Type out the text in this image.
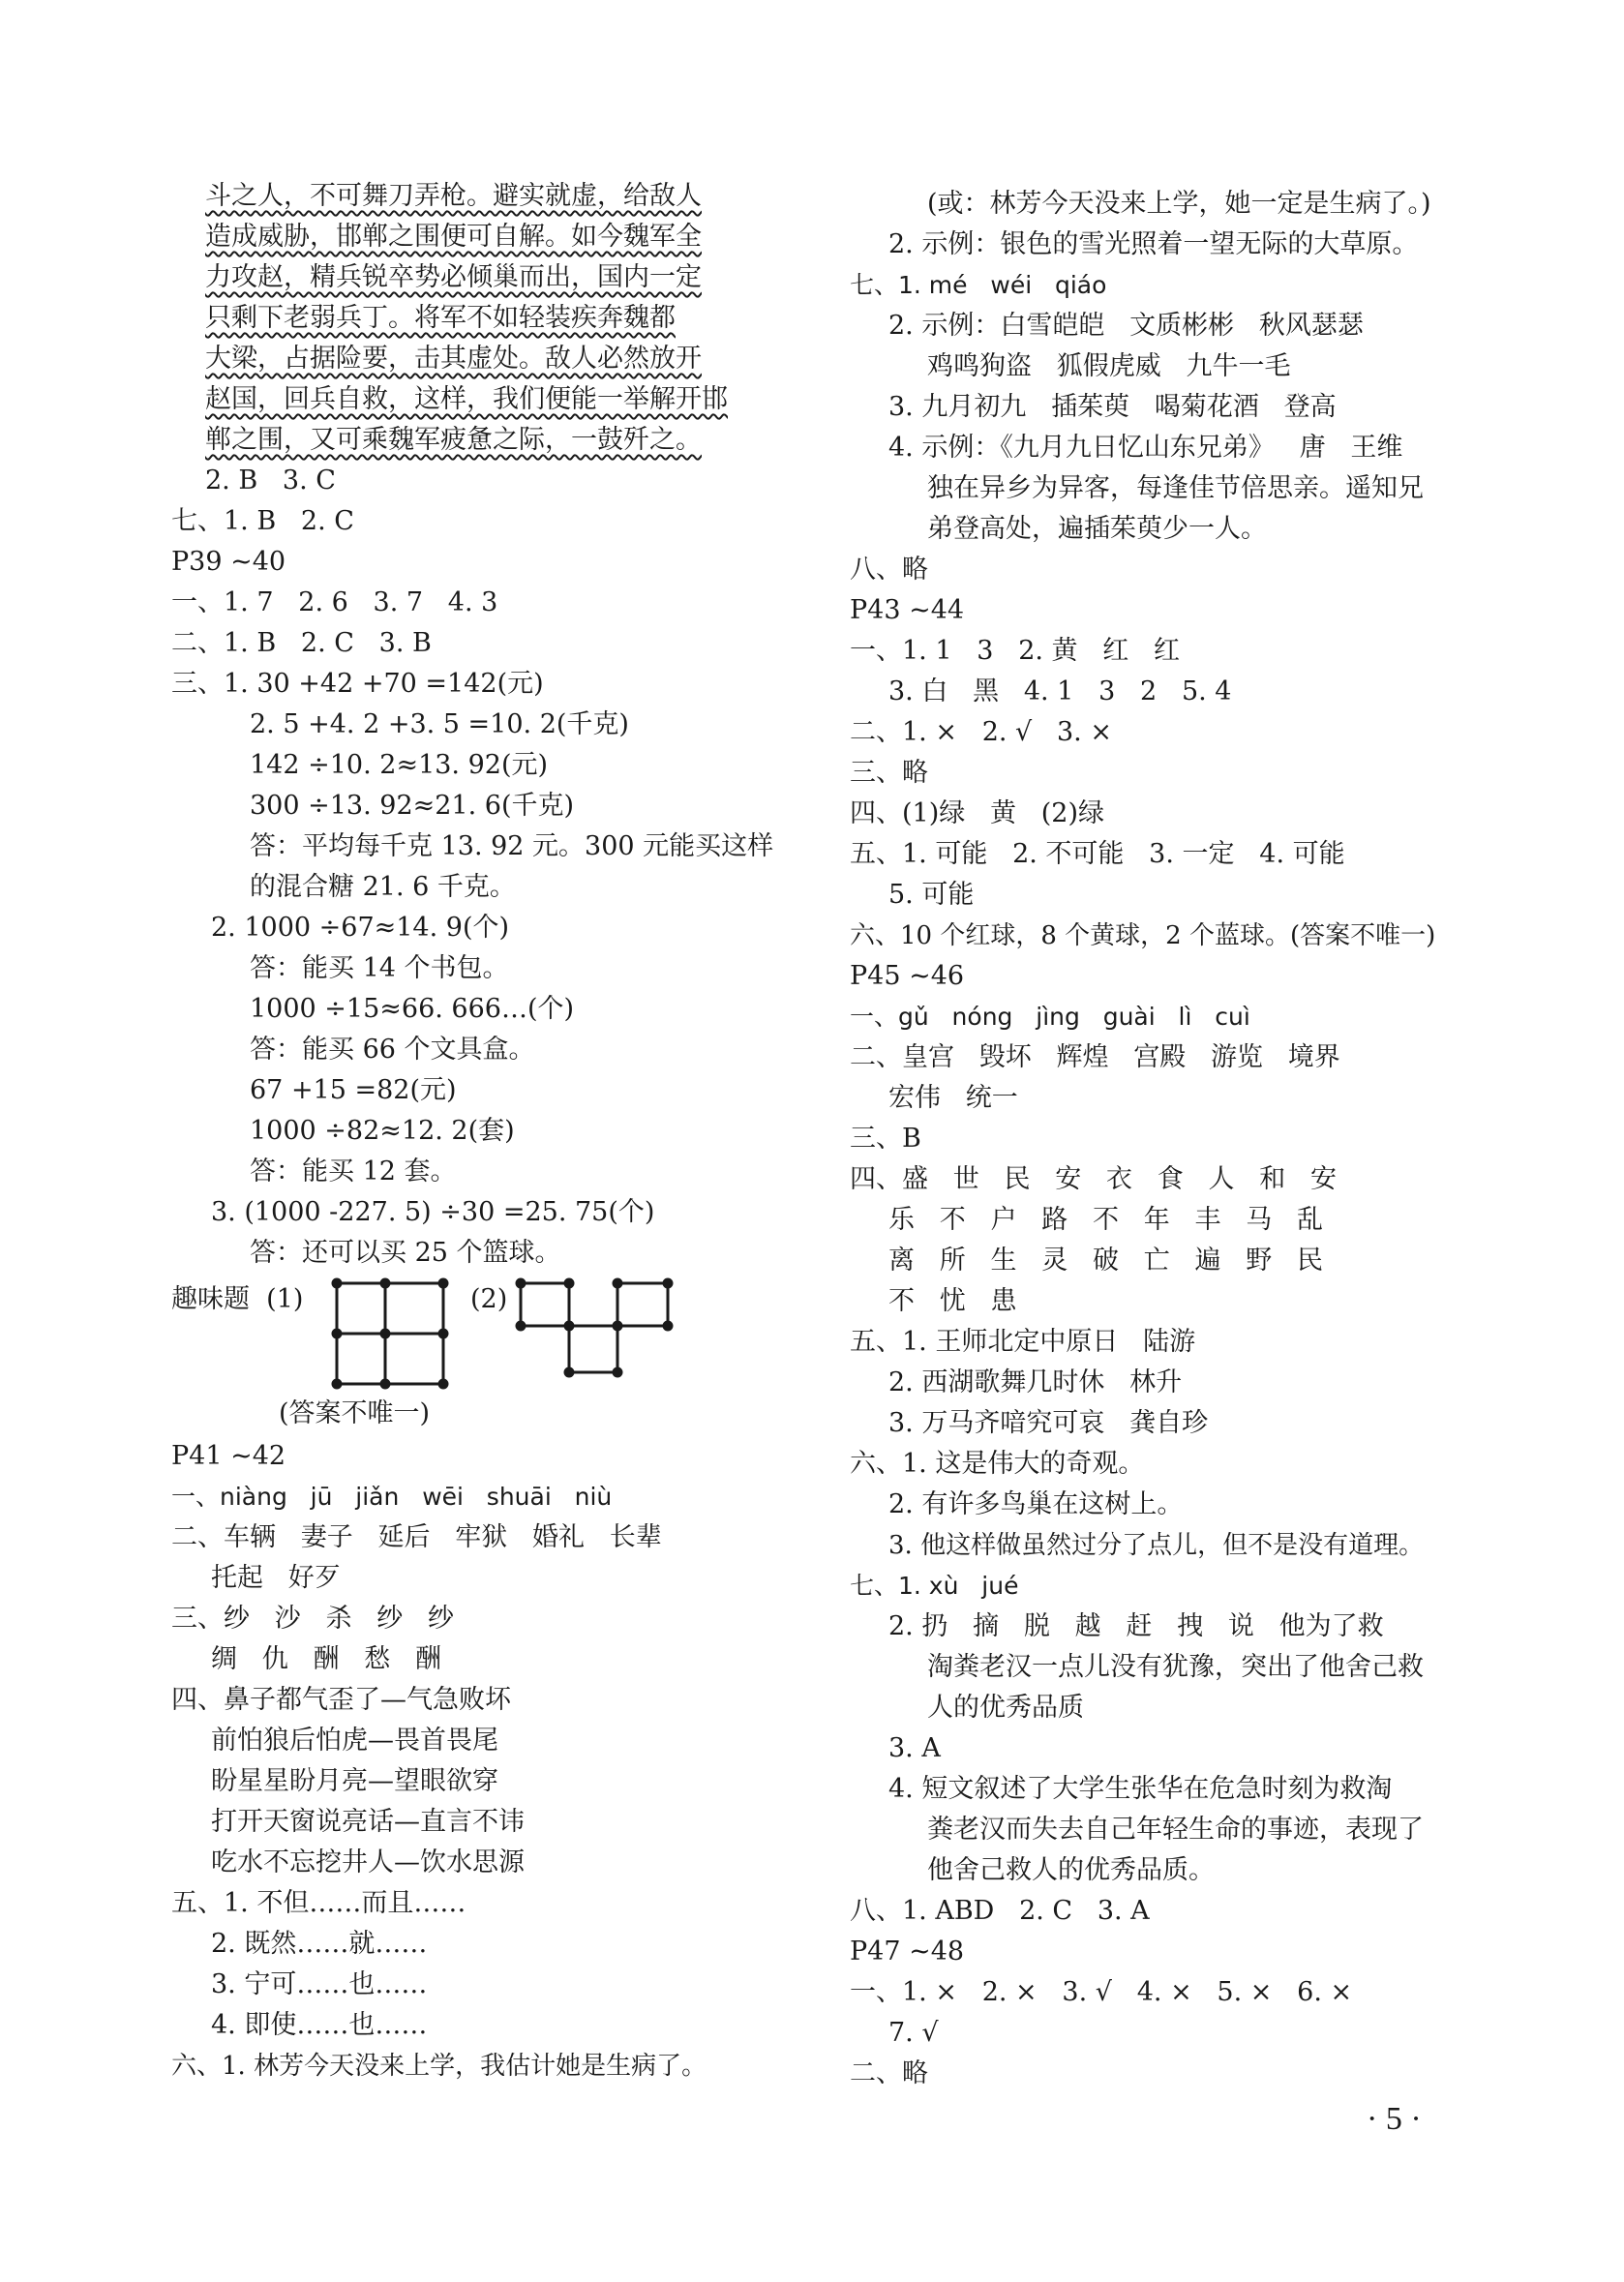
斗之人，不可舞刀弄枪。避实就虚，给敌人
造成威胁，邯郸之围便可自解。如今魏军全
力攻赵，精兵锐卒势必倾巢而出，国内一定
只剩下老弱兵丁。将军不如轻装疾奔魏都
大梁，占据险要，击其虚处。敌人必然放开
赵国，回兵自救，这样，我们便能一举解开邯
郸之围，又可乘魏军疲惫之际，一鼓歼之。
2. B   3. C
七、1. B   2. C
P39 ~40
一、1. 7   2. 6   3. 7   4. 3
二、1. B   2. C   3. B
三、1. 30 +42 +70 =142(元)
2. 5 +4. 2 +3. 5 =10. 2(千克)
142 ÷10. 2≈13. 92(元)
300 ÷13. 92≈21. 6(千克)
答：平均每千克 13. 92 元。300 元能买这样
的混合糖 21. 6 千克。
2. 1000 ÷67≈14. 9(个)
答：能买 14 个书包。
1000 ÷15≈66. 666…(个)
答：能买 66 个文具盒。
67 +15 =82(元)
1000 ÷82≈12. 2(套)
答：能买 12 套。
3. (1000 -227. 5) ÷30 =25. 75(个)
答：还可以买 25 个篮球。
趣味题  (1)	(2)
(答案不唯一)
P41 ~42
一、niàng   jū   jiǎn   wēi   shuāi   niù
二、车辆   妻子   延后   牢狱   婚礼   长辈
托起   好歹
三、纱   沙   杀   纱   纱
绸   仇   酬   愁   酬
四、鼻子都气歪了—气急败坏
前怕狼后怕虎—畏首畏尾
盼星星盼月亮—望眼欲穿
打开天窗说亮话—直言不讳
吃水不忘挖井人—饮水思源
五、1. 不但……而且……
2. 既然……就……
3. 宁可……也……
4. 即使……也……
六、1. 林芳今天没来上学，我估计她是生病了。
(或：林芳今天没来上学，她一定是生病了。)
2. 示例：银色的雪光照着一望无际的大草原。
七、1. mé   wéi   qiáo
2. 示例：白雪皑皑   文质彬彬   秋风瑟瑟
鸡鸣狗盗   狐假虎威   九牛一毛
3. 九月初九   插茱萸   喝菊花酒   登高
4. 示例：《九月九日忆山东兄弟》   唐   王维
独在异乡为异客，每逢佳节倍思亲。遥知兄
弟登高处，遍插茱萸少一人。
八、略
P43 ~44
一、1. 1   3   2. 黄   红   红
3. 白   黑   4. 1   3   2   5. 4
二、1. ×   2. √   3. ×
三、略
四、(1)绿   黄   (2)绿
五、1. 可能   2. 不可能   3. 一定   4. 可能
5. 可能
六、10 个红球，8 个黄球，2 个蓝球。(答案不唯一)
P45 ~46
一、gǔ   nóng   jìng   guài   lì   cuì
二、皇宫   毁坏   辉煌   宫殿   游览   境界
宏伟   统一
三、B
四、盛   世   民   安   衣   食   人   和   安
乐   不   户   路   不   年   丰   马   乱
离   所   生   灵   破   亡   遍   野   民
不   忧   患
五、1. 王师北定中原日   陆游
2. 西湖歌舞几时休   林升
3. 万马齐喑究可哀   龚自珍
六、1. 这是伟大的奇观。
2. 有许多鸟巢在这树上。
3. 他这样做虽然过分了点儿，但不是没有道理。
七、1. xù   jué
2. 扔   摘   脱   越   赶   拽   说   他为了救
淘粪老汉一点儿没有犹豫，突出了他舍己救
人的优秀品质
3. A
4. 短文叙述了大学生张华在危急时刻为救淘
粪老汉而失去自己年轻生命的事迹，表现了
他舍己救人的优秀品质。
八、1. ABD   2. C   3. A
P47 ~48
一、1. ×   2. ×   3. √   4. ×   5. ×   6. ×
7. √
二、略
· 5 ·
